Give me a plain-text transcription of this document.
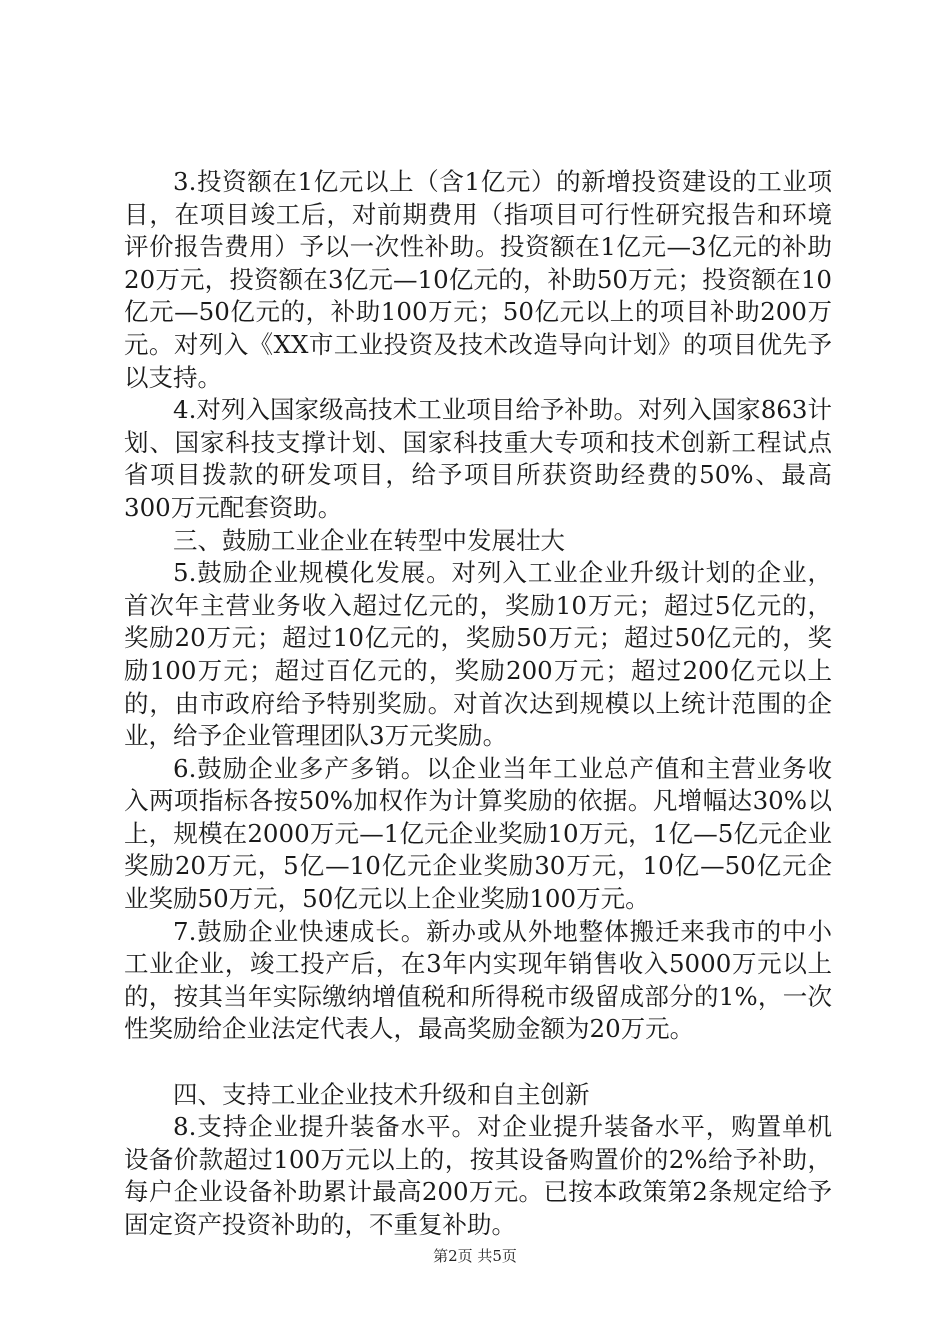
3.投资额在1亿元以上（含1亿元）的新增投资建设的工业项目，在项目竣工后，对前期费用（指项目可行性研究报告和环境评价报告费用）予以一次性补助。投资额在1亿元—3亿元的补助20万元，投资额在3亿元—10亿元的，补助50万元；投资额在10亿元—50亿元的，补助100万元；50亿元以上的项目补助200万元。对列入《XX市工业投资及技术改造导向计划》的项目优先予以支持。

4.对列入国家级高技术工业项目给予补助。对列入国家863计划、国家科技支撑计划、国家科技重大专项和技术创新工程试点省项目拨款的研发项目，给予项目所获资助经费的50%、最高300万元配套资助。

三、鼓励工业企业在转型中发展壮大

5.鼓励企业规模化发展。对列入工业企业升级计划的企业，首次年主营业务收入超过亿元的，奖励10万元；超过5亿元的，奖励20万元；超过10亿元的，奖励50万元；超过50亿元的，奖励100万元；超过百亿元的，奖励200万元；超过200亿元以上的，由市政府给予特别奖励。对首次达到规模以上统计范围的企业，给予企业管理团队3万元奖励。

6.鼓励企业多产多销。以企业当年工业总产值和主营业务收入两项指标各按50%加权作为计算奖励的依据。凡增幅达30%以上，规模在2000万元—1亿元企业奖励10万元，1亿—5亿元企业奖励20万元，5亿—10亿元企业奖励30万元，10亿—50亿元企业奖励50万元，50亿元以上企业奖励100万元。

7.鼓励企业快速成长。新办或从外地整体搬迁来我市的中小工业企业，竣工投产后，在3年内实现年销售收入5000万元以上的，按其当年实际缴纳增值税和所得税市级留成部分的1%，一次性奖励给企业法定代表人，最高奖励金额为20万元。

四、支持工业企业技术升级和自主创新

8.支持企业提升装备水平。对企业提升装备水平，购置单机设备价款超过100万元以上的，按其设备购置价的2%给予补助，每户企业设备补助累计最高200万元。已按本政策第2条规定给予固定资产投资补助的，不重复补助。

第2页 共5页
